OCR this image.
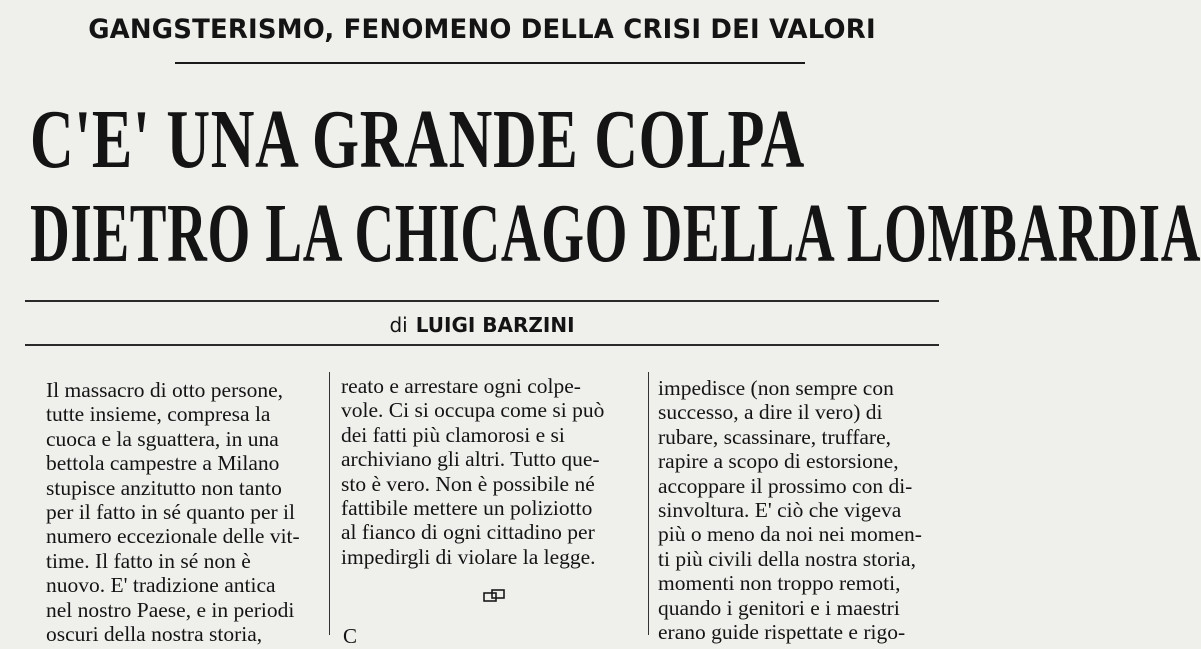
GANGSTERISMO, FENOMENO DELLA CRISI DEI VALORI
C'E' UNA GRANDE COLPA
DIETRO LA CHICAGO DELLA LOMBARDIA
di LUIGI BARZINI
Il massacro di otto persone,
tutte insieme, compresa la
cuoca e la sguattera, in una
bettola campestre a Milano
stupisce anzitutto non tanto
per il fatto in sé quanto per il
numero eccezionale delle vit-
time. Il fatto in sé non è
nuovo. E' tradizione antica
nel nostro Paese, e in periodi
oscuri della nostra storia,
reato e arrestare ogni colpe-
vole. Ci si occupa come si può
dei fatti più clamorosi e si
archiviano gli altri. Tutto que-
sto è vero. Non è possibile né
fattibile mettere un poliziotto
al fianco di ogni cittadino per
impedirgli di violare la legge.
C
impedisce (non sempre con
successo, a dire il vero) di
rubare, scassinare, truffare,
rapire a scopo di estorsione,
accoppare il prossimo con di-
sinvoltura. E' ciò che vigeva
più o meno da noi nei momen-
ti più civili della nostra storia,
momenti non troppo remoti,
quando i genitori e i maestri
erano guide rispettate e rigo-
